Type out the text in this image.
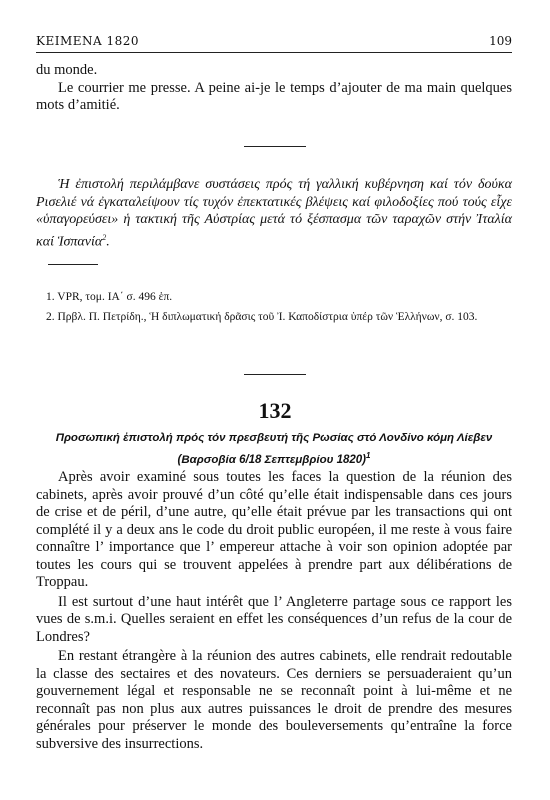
KEIMENA 1820	109

du monde.

Le courrier me presse. A peine ai-je le temps d’ajouter de ma main quelques mots d’amitié.

Ἡ ἐπιστολή περιλάμβανε συστάσεις πρός τή γαλλική κυβέρνηση καί τόν δούκα Ρισελιέ νά ἐγκαταλείψουν τίς τυχόν ἐπεκτατικές βλέψεις καί φιλοδοξίες πού τούς εἶχε «ὑπαγορεύσει» ἡ τακτική τῆς Αὐστρίας μετά τό ξέσπασμα τῶν ταραχῶν στήν Ἰταλία καί Ἱσπανία$^2$.

1. VPR, τομ. ΙΑ΄ σ. 496 ἑπ.

2. Πρβλ. Π. Πετρίδη., Ἡ διπλωματική δρᾶσις τοῦ Ἰ. Καποδίστρια ὑπέρ τῶν Ἑλλήνων, σ. 103.

132
Προσωπική ἐπιστολή πρός τόν πρεσβευτή τῆς Ρωσίας στό Λονδίνο κόμη Λίεβεν
(Βαρσοβία 6/18 Σεπτεμβρίου 1820)$^1$

Après avoir examiné sous toutes les faces la question de la réunion des cabinets, après avoir prouvé d’un côté qu’elle était indispensable dans ces jours de crise et de péril, d’une autre, qu’elle était prévue par les transactions qui ont complété il y a deux ans le code du droit public européen, il me reste à vous faire connaître l’ importance que l’ empereur attache à voir son opinion adoptée par toutes les cours qui se trouvent appelées à prendre part aux délibérations de Troppau.

Il est surtout d’une haut intérêt que l’ Angleterre partage sous ce rapport les vues de s.m.i. Quelles seraient en effet les conséquences d’un refus de la cour de Londres?

En restant étrangère à la réunion des autres cabinets, elle rendrait redoutable la classe des sectaires et des novateurs. Ces derniers se persuaderaient qu’un gouvernement légal et responsable ne se reconnaît point à lui-même et ne reconnaît pas non plus aux autres puissances le droit de prendre des mesures générales pour préserver le monde des bouleversements qu’entraîne la force subversive des insurrections.
